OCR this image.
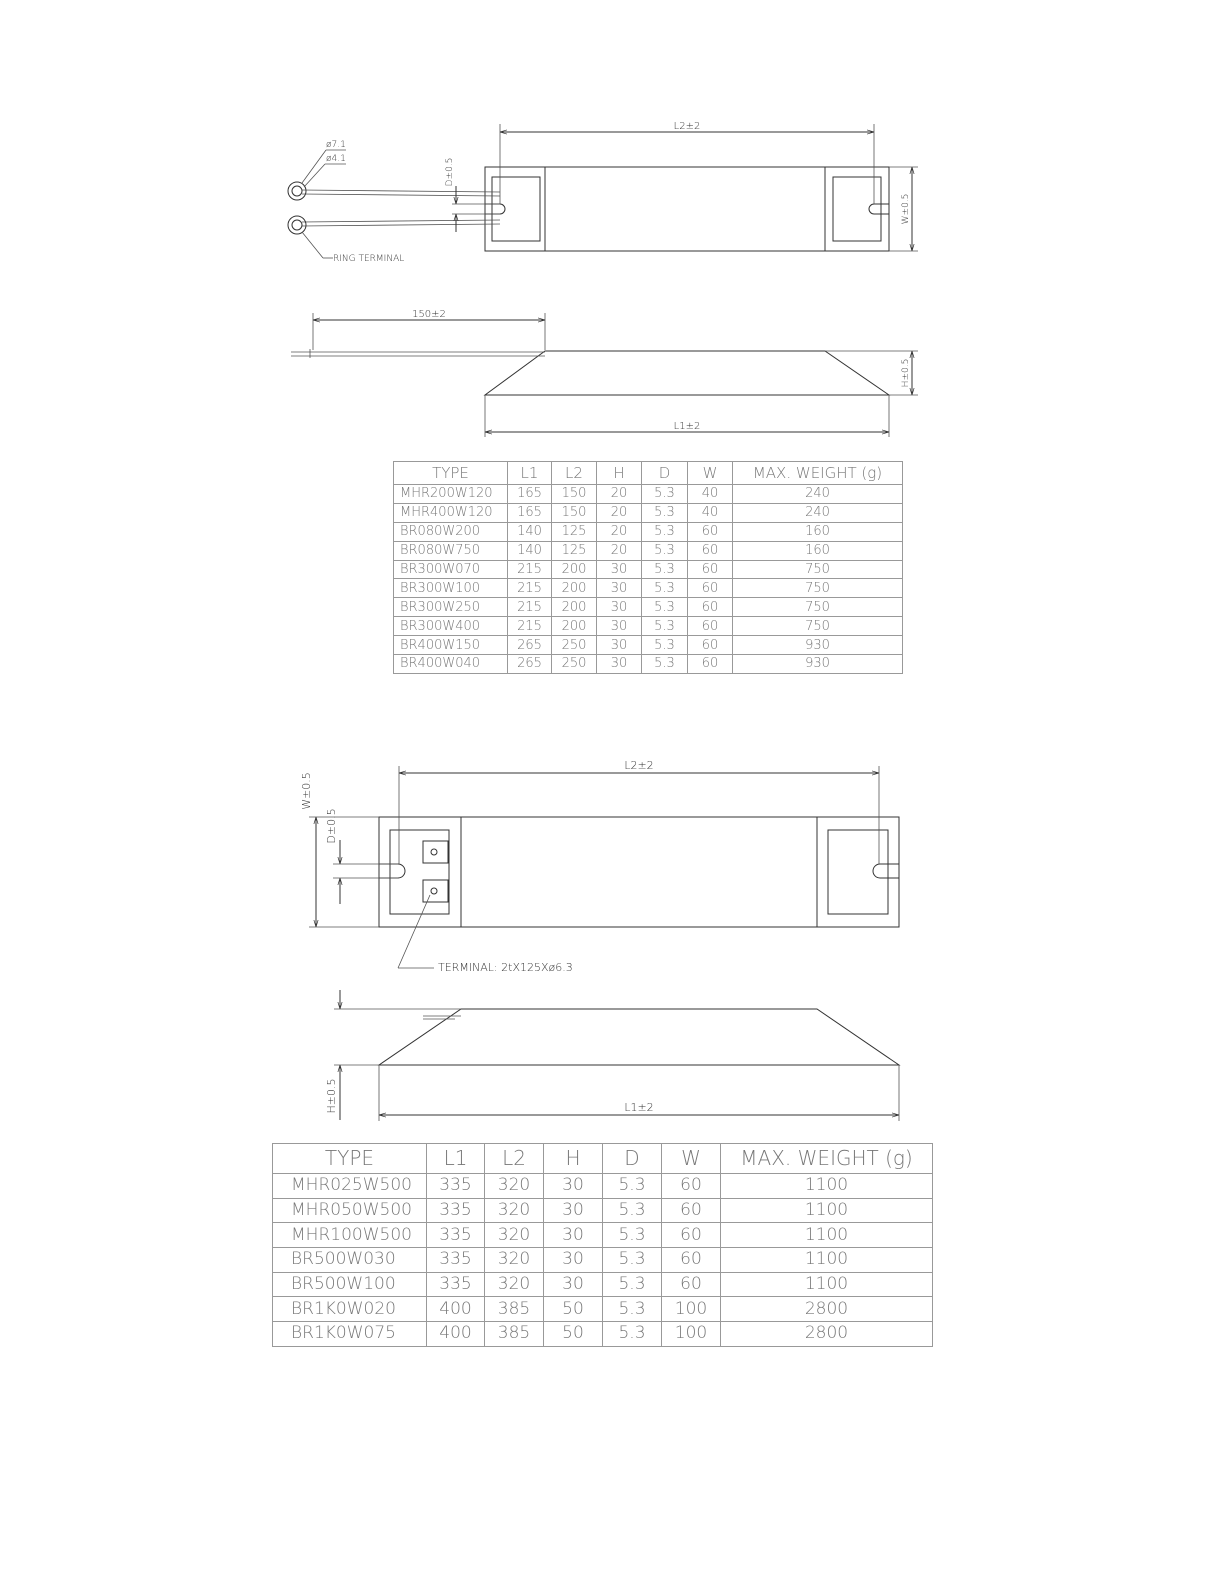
ø7.1
ø4.1
RING TERMINAL
L2±2
D±0.5
W±0.5
150±2
H±0.5
L1±2
L2±2
W±0.5
D±0.5
TERMINAL: 2tX125Xø6.3
H±0.5	L1±2
TYPE	L1	L2	H	D	W	MAX. WEIGHT (g)
MHR200W120	165	150	20	5.3	40	240
MHR400W120	165	150	20	5.3	40	240
BR080W200	140	125	20	5.3	60	160
BR080W750	140	125	20	5.3	60	160
BR300W070	215	200	30	5.3	60	750
BR300W100	215	200	30	5.3	60	750
BR300W250	215	200	30	5.3	60	750
BR300W400	215	200	30	5.3	60	750
BR400W150	265	250	30	5.3	60	930
BR400W040	265	250	30	5.3	60	930
TYPE	L1	L2	H	D	W	MAX. WEIGHT (g)
MHR025W500	335	320	30	5.3	60	1100
MHR050W500	335	320	30	5.3	60	1100
MHR100W500	335	320	30	5.3	60	1100
BR500W030	335	320	30	5.3	60	1100
BR500W100	335	320	30	5.3	60	1100
BR1K0W020	400	385	50	5.3	100	2800
BR1K0W075	400	385	50	5.3	100	2800
